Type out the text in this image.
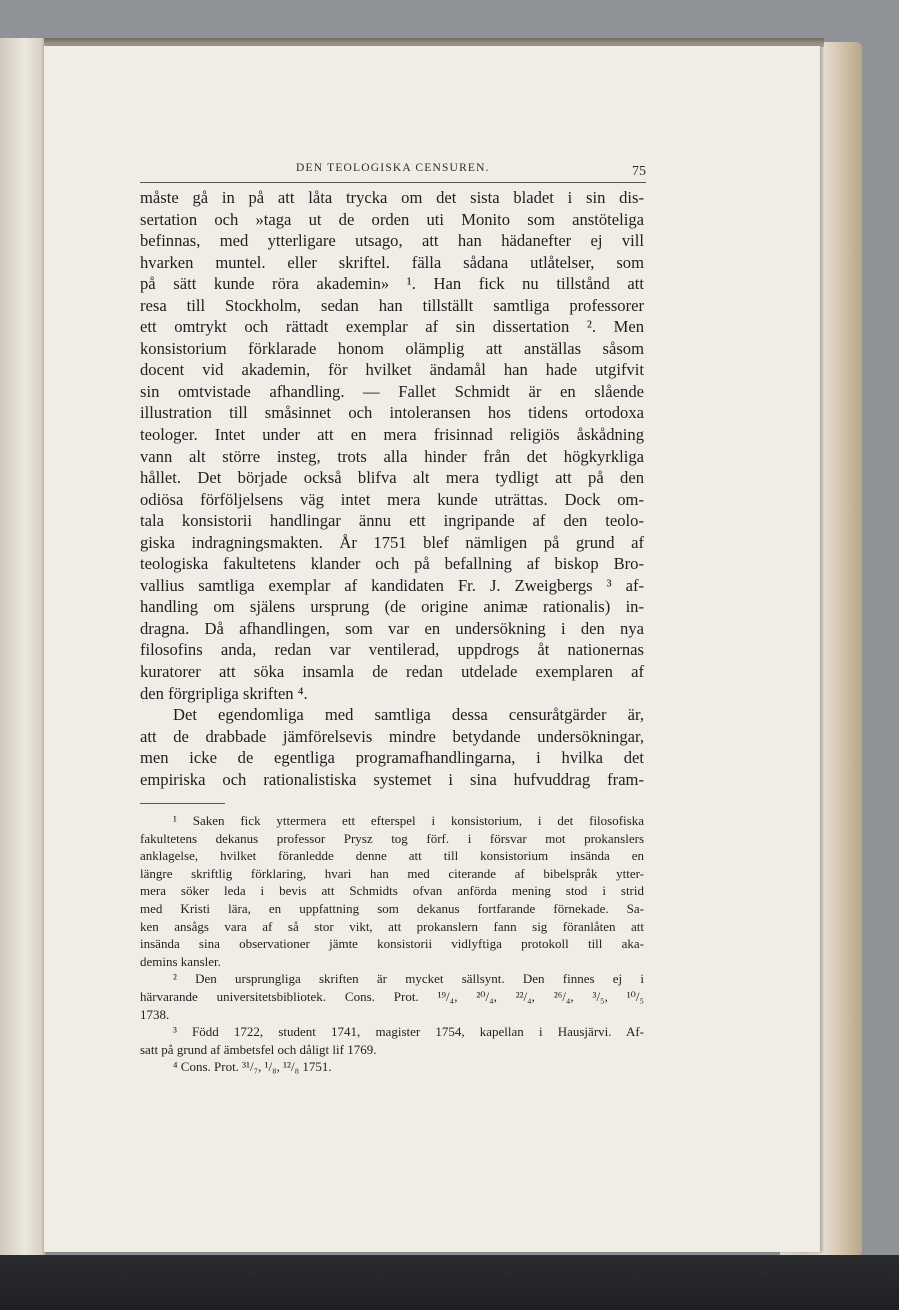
DEN TEOLOGISKA CENSUREN.	75
måste gå in på att låta trycka om det sista bladet i sin dis-
sertation och »taga ut de orden uti Monito som anstöteliga
befinnas, med ytterligare utsago, att han hädanefter ej vill
hvarken muntel. eller skriftel. fälla sådana utlåtelser, som
på sätt kunde röra akademin» ¹. Han fick nu tillstånd att
resa till Stockholm, sedan han tillställt samtliga professorer
ett omtrykt och rättadt exemplar af sin dissertation ². Men
konsistorium förklarade honom olämplig att anställas såsom
docent vid akademin, för hvilket ändamål han hade utgifvit
sin omtvistade afhandling. — Fallet Schmidt är en slående
illustration till småsinnet och intoleransen hos tidens ortodoxa
teologer. Intet under att en mera frisinnad religiös åskådning
vann alt större insteg, trots alla hinder från det högkyrkliga
hållet. Det började också blifva alt mera tydligt att på den
odiösa förföljelsens väg intet mera kunde uträttas. Dock om-
tala konsistorii handlingar ännu ett ingripande af den teolo-
giska indragningsmakten. År 1751 blef nämligen på grund af
teologiska fakultetens klander och på befallning af biskop Bro-
vallius samtliga exemplar af kandidaten Fr. J. Zweigbergs ³ af-
handling om själens ursprung (de origine animæ rationalis) in-
dragna. Då afhandlingen, som var en undersökning i den nya
filosofins anda, redan var ventilerad, uppdrogs åt nationernas
kuratorer att söka insamla de redan utdelade exemplaren af
den förgripliga skriften ⁴.
Det egendomliga med samtliga dessa censuråtgärder är,
att de drabbade jämförelsevis mindre betydande undersökningar,
men icke de egentliga programafhandlingarna, i hvilka det
empiriska och rationalistiska systemet i sina hufvuddrag fram-
¹ Saken fick yttermera ett efterspel i konsistorium, i det filosofiska
fakultetens dekanus professor Prysz tog förf. i försvar mot prokanslers
anklagelse, hvilket föranledde denne att till konsistorium insända en
längre skriftlig förklaring, hvari han med citerande af bibelspråk ytter-
mera söker leda i bevis att Schmidts ofvan anförda mening stod i strid
med Kristi lära, en uppfattning som dekanus fortfarande förnekade. Sa-
ken ansågs vara af så stor vikt, att prokanslern fann sig föranlåten att
insända sina observationer jämte konsistorii vidlyftiga protokoll till aka-
demins kansler.
² Den ursprungliga skriften är mycket sällsynt. Den finnes ej i
härvarande universitetsbibliotek. Cons. Prot. ¹⁹/₄, ²⁰/₄, ²²/₄, ²⁶/₄, ³/₅, ¹⁰/₅
1738.
³ Född 1722, student 1741, magister 1754, kapellan i Hausjärvi. Af-
satt på grund af ämbetsfel och dåligt lif 1769.
⁴ Cons. Prot. ³¹/₇, ¹/₈, ¹²/₈ 1751.
